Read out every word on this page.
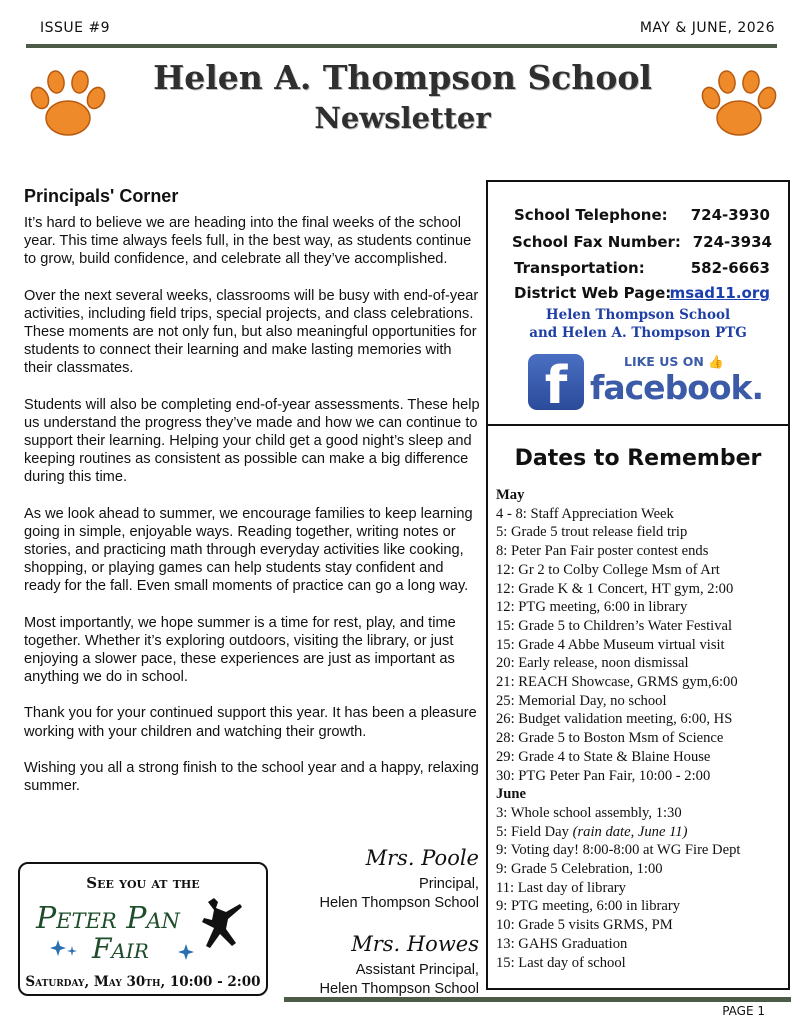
ISSUE #9	MAY & JUNE, 2026
Helen A. Thompson School
Newsletter
Principals' Corner

It’s hard to believe we are heading into the final weeks of the school year. This time always feels full, in the best way, as students continue to grow, build confidence, and celebrate all they’ve accomplished.

Over the next several weeks, classrooms will be busy with end-of-year activities, including field trips, special projects, and class celebrations. These moments are not only fun, but also meaningful opportunities for students to connect their learning and make lasting memories with their classmates.

Students will also be completing end-of-year assessments. These help us understand the progress they’ve made and how we can continue to support their learning. Helping your child get a good night’s sleep and keeping routines as consistent as possible can make a big difference during this time.

As we look ahead to summer, we encourage families to keep learning going in simple, enjoyable ways. Reading together, writing notes or stories, and practicing math through everyday activities like cooking, shopping, or playing games can help students stay confident and ready for the fall. Even small moments of practice can go a long way.

Most importantly, we hope summer is a time for rest, play, and time together. Whether it’s exploring outdoors, visiting the library, or just enjoying a slower pace, these experiences are just as important as anything we do in school.

Thank you for your continued support this year. It has been a pleasure working with your children and watching their growth.

Wishing you all a strong finish to the school year and a happy, relaxing summer.

Mrs. Poole
Principal,
Helen Thompson School
Mrs. Howes
Assistant Principal,
Helen Thompson School
See you at the
Peter Pan
Fair
Saturday, May 30th, 10:00 - 2:00
School Telephone: 724-3930
School Fax Number: 724-3934
Transportation:	582-6663
District Web Page:
msad11.org
Helen Thompson School
and Helen A. Thompson PTG
f	LIKE US ON 👍
facebook.
Dates to Remember
May
4 - 8: Staff Appreciation Week
5: Grade 5 trout release field trip
8: Peter Pan Fair poster contest ends
12: Gr 2 to Colby College Msm of Art
12: Grade K & 1 Concert, HT gym, 2:00
12: PTG meeting, 6:00 in library
15: Grade 5 to Children’s Water Festival
15: Grade 4 Abbe Museum virtual visit
20: Early release, noon dismissal
21: REACH Showcase, GRMS gym,6:00
25: Memorial Day, no school
26: Budget validation meeting, 6:00, HS
28: Grade 5 to Boston Msm of Science
29: Grade 4 to State & Blaine House
30: PTG Peter Pan Fair, 10:00 - 2:00
June
3: Whole school assembly, 1:30
5: Field Day (rain date, June 11)
9: Voting day! 8:00-8:00 at WG Fire Dept
9: Grade 5 Celebration, 1:00
11: Last day of library
9: PTG meeting, 6:00 in library
10: Grade 5 visits GRMS, PM
13: GAHS Graduation
15: Last day of school
PAGE 1
